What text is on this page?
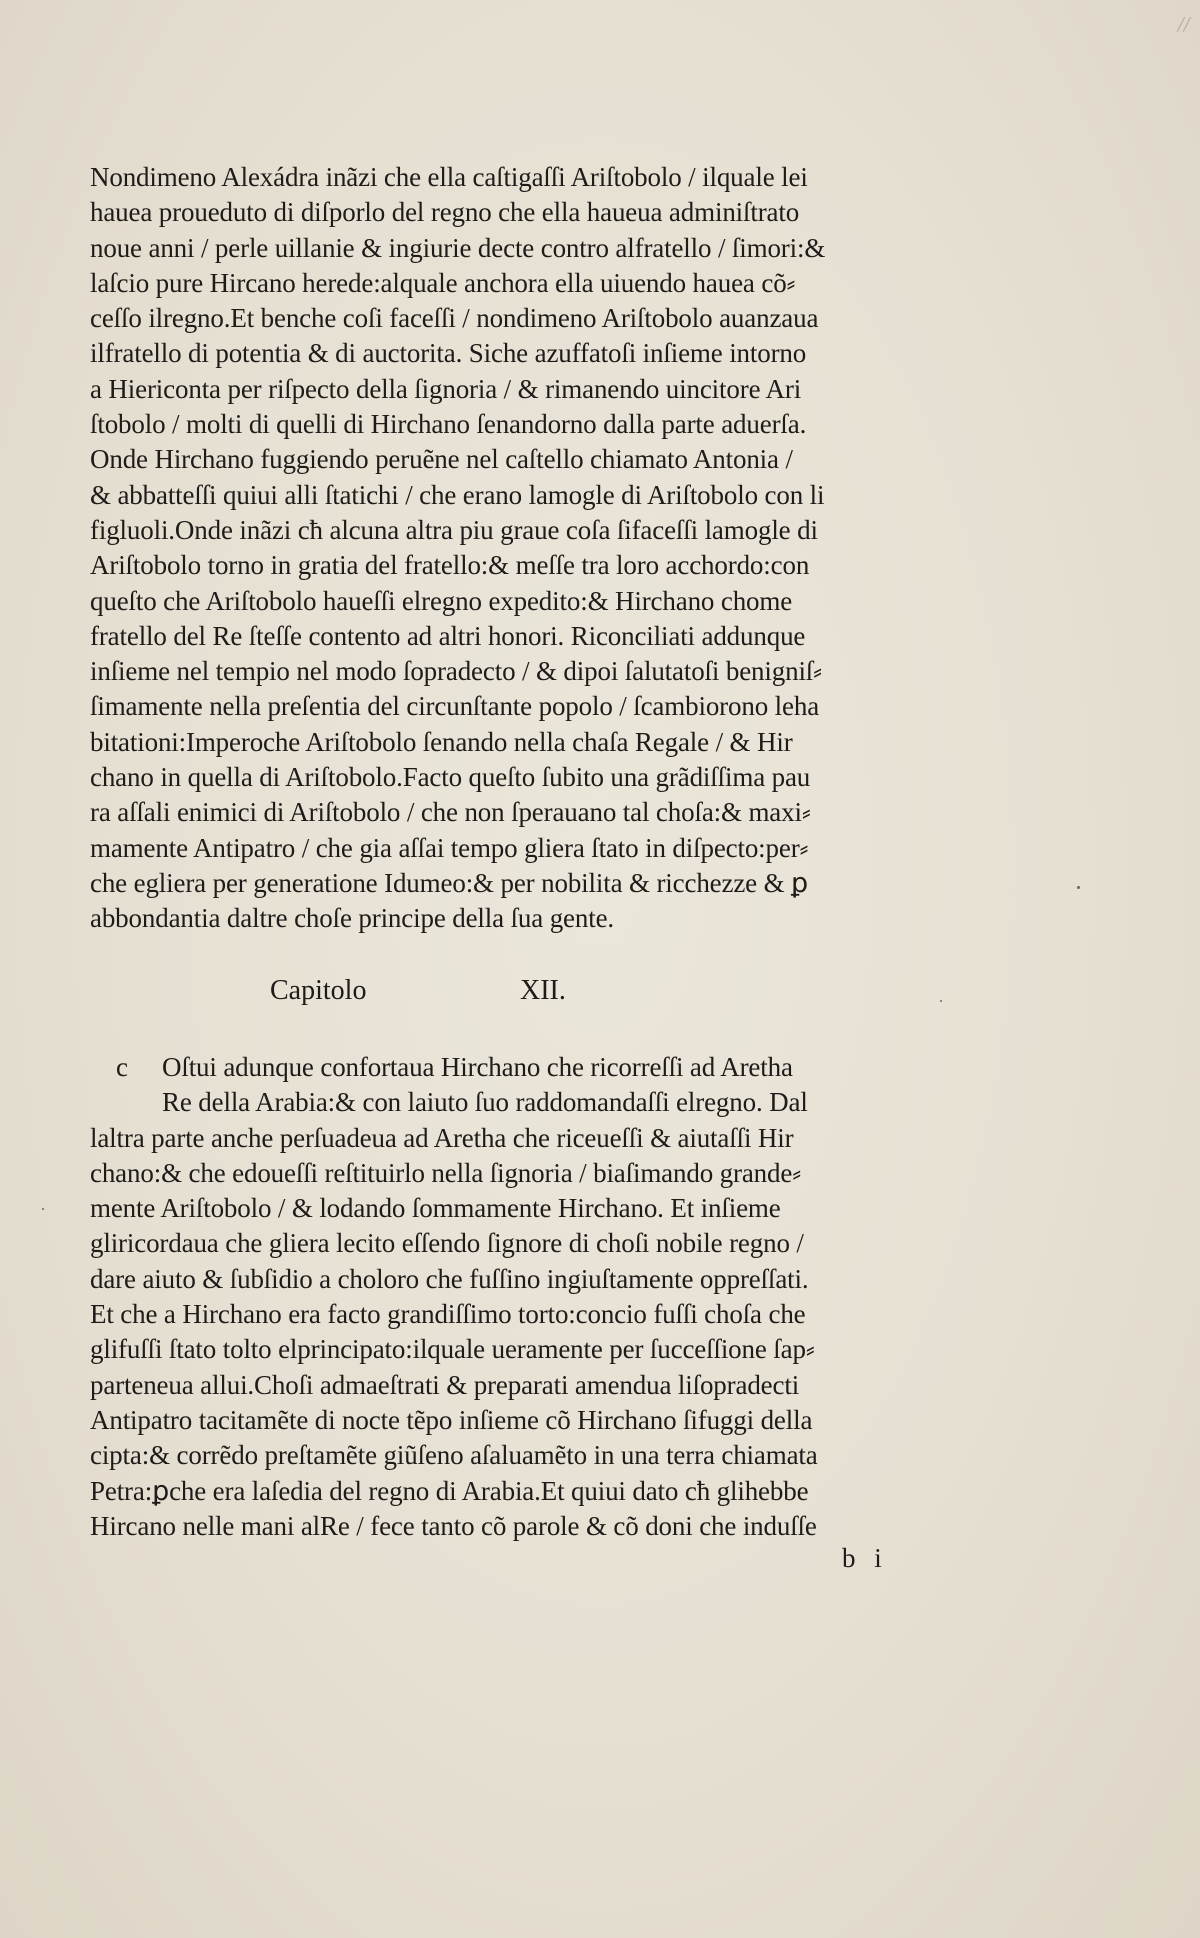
//
Nondimeno Alexádra inãzi che ella caſtigaſſi Ariſtobolo / ilquale lei
hauea proueduto di diſporlo del regno che ella haueua adminiſtrato
noue anni / perle uillanie & ingiurie decte contro alfratello / ſimori:&
laſcio pure Hircano herede:alquale anchora ella uiuendo hauea cõ⸗
ceſſo ilregno.Et benche coſi faceſſi / nondimeno Ariſtobolo auanzaua
ilfratello di potentia & di auctorita. Siche azuffatoſi inſieme intorno
a Hiericonta per riſpecto della ſignoria / & rimanendo uincitore Ari
ſtobolo / molti di quelli di Hirchano ſenandorno dalla parte aduerſa.
Onde Hirchano fuggiendo peruẽne nel caſtello chiamato Antonia /
& abbatteſſi quiui alli ſtatichi / che erano lamogle di Ariſtobolo con li
figluoli.Onde inãzi cħ alcuna altra piu graue coſa ſifaceſſi lamogle di
Ariſtobolo torno in gratia del fratello:& meſſe tra loro acchordo:con
queſto che Ariſtobolo haueſſi elregno expedito:& Hirchano chome
fratello del Re ſteſſe contento ad altri honori. Riconciliati addunque
inſieme nel tempio nel modo ſopradecto / & dipoi ſalutatoſi benigniſ⸗
ſimamente nella preſentia del circunſtante popolo / ſcambiorono leha
bitationi:Imperoche Ariſtobolo ſenando nella chaſa Regale / & Hir
chano in quella di Ariſtobolo.Facto queſto ſubito una grãdiſſima pau
ra aſſali enimici di Ariſtobolo / che non ſperauano tal choſa:& maxi⸗
mamente Antipatro / che gia aſſai tempo gliera ſtato in diſpecto:per⸗
che egliera per generatione Idumeo:& per nobilita & ricchezze & ꝑ
abbondantia daltre choſe principe della ſua gente.
Capitolo	XII.
c	Oſtui adunque confortaua Hirchano che ricorreſſi ad Aretha
Re della Arabia:& con laiuto ſuo raddomandaſſi elregno. Dal
laltra parte anche perſuadeua ad Aretha che riceueſſi & aiutaſſi Hir
chano:& che edoueſſi reſtituirlo nella ſignoria / biaſimando grande⸗
mente Ariſtobolo / & lodando ſommamente Hirchano. Et inſieme
gliricordaua che gliera lecito eſſendo ſignore di choſi nobile regno /
dare aiuto & ſubſidio a choloro che fuſſino ingiuſtamente oppreſſati.
Et che a Hirchano era facto grandiſſimo torto:concio fuſſi choſa che
glifuſſi ſtato tolto elprincipato:ilquale ueramente per ſucceſſione ſap⸗
parteneua allui.Choſi admaeſtrati & preparati amendua liſopradecti
Antipatro tacitamẽte di nocte tẽpo inſieme cõ Hirchano ſifuggi della
cipta:& corrẽdo preſtamẽte giũſeno aſaluamẽto in una terra chiamata
Petra:ꝑche era laſedia del regno di Arabia.Et quiui dato cħ glihebbe
Hircano nelle mani alRe / fece tanto cõ parole & cõ doni che induſſe
b i
